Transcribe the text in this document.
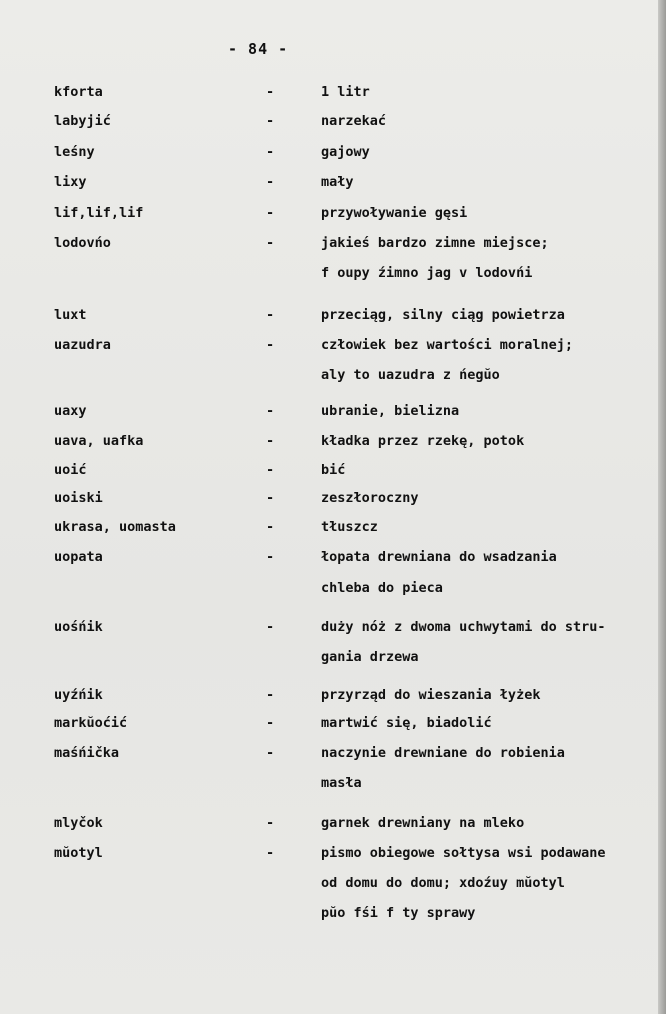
- 84 -
kforta	-	1 litr
labyjić	-	narzekać
leśny	-	gajowy
lixy	-	mały
lif,lif,lif	-	przywoływanie gęsi
lodovńo	-	jakieś bardzo zimne miejsce;
f oupy źimno jag v lodovńi
luxt	-	przeciąg, silny ciąg powietrza
uazudra	-	człowiek bez wartości moralnej;
aly to uazudra z ńegŭo
uaxy	-	ubranie, bielizna
uava, uafka	-	kładka przez rzekę, potok
uoić	-	bić
uoiski	-	zeszłoroczny
ukrasa, uomasta	-	tłuszcz
uopata	-	łopata drewniana do wsadzania
chleba do pieca
uośńik	-	duży nóż z dwoma uchwytami do stru-
gania drzewa
uyźńik	-	przyrząd do wieszania łyżek
markŭoćić	-	martwić się, biadolić
maśńička	-	naczynie drewniane do robienia
masła
mlyčok	-	garnek drewniany na mleko
mŭotyl	-	pismo obiegowe sołtysa wsi podawane
od domu do domu; xdoźuy mŭotyl
pŭo fśi f ty sprawy
